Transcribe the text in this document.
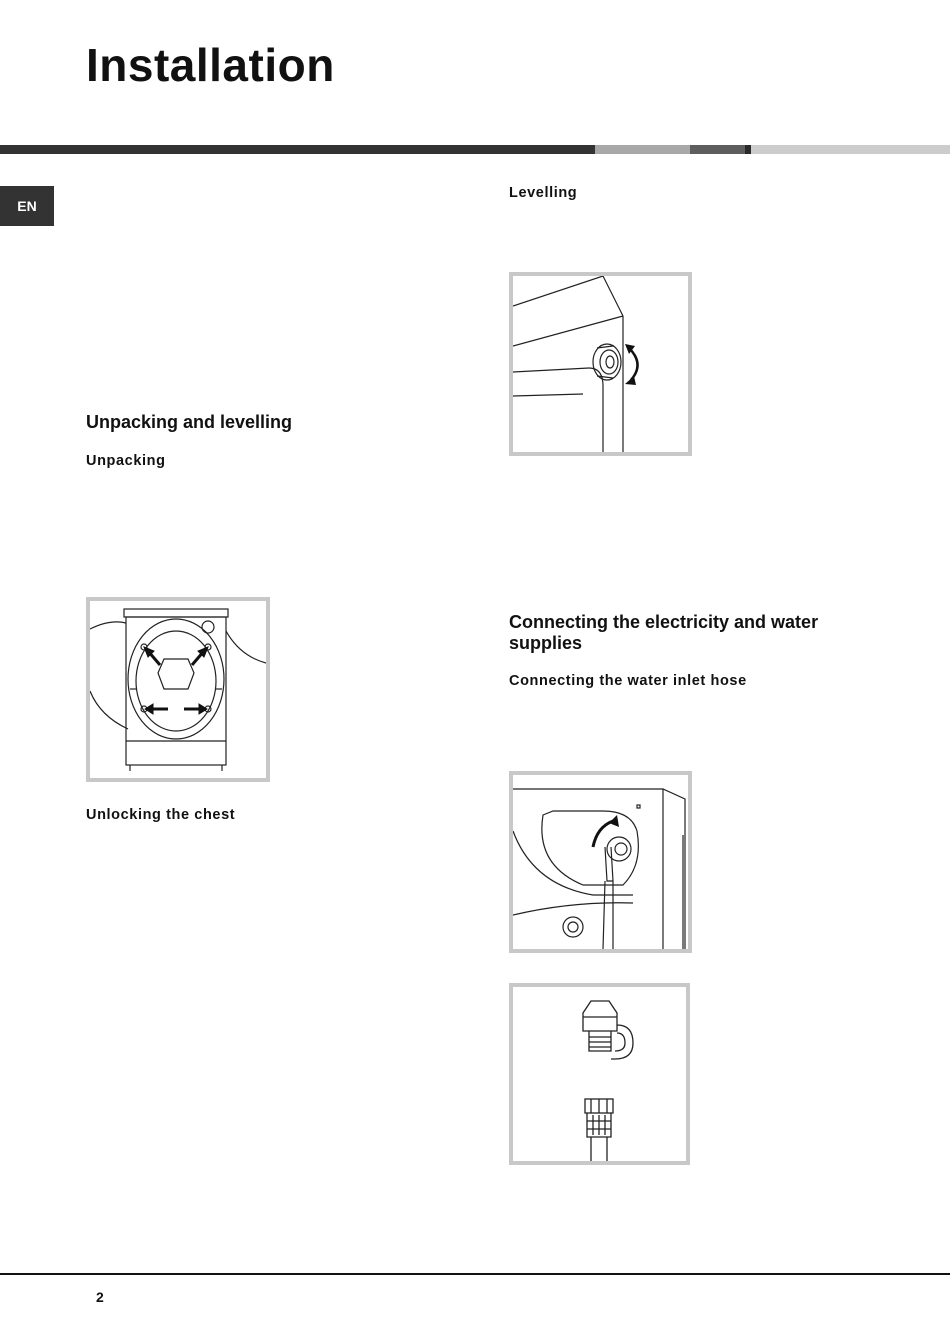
Installation
EN
Unpacking and levelling
Unpacking
Unlocking the chest
Levelling
Connecting the electricity and water supplies
Connecting the water inlet hose
2
